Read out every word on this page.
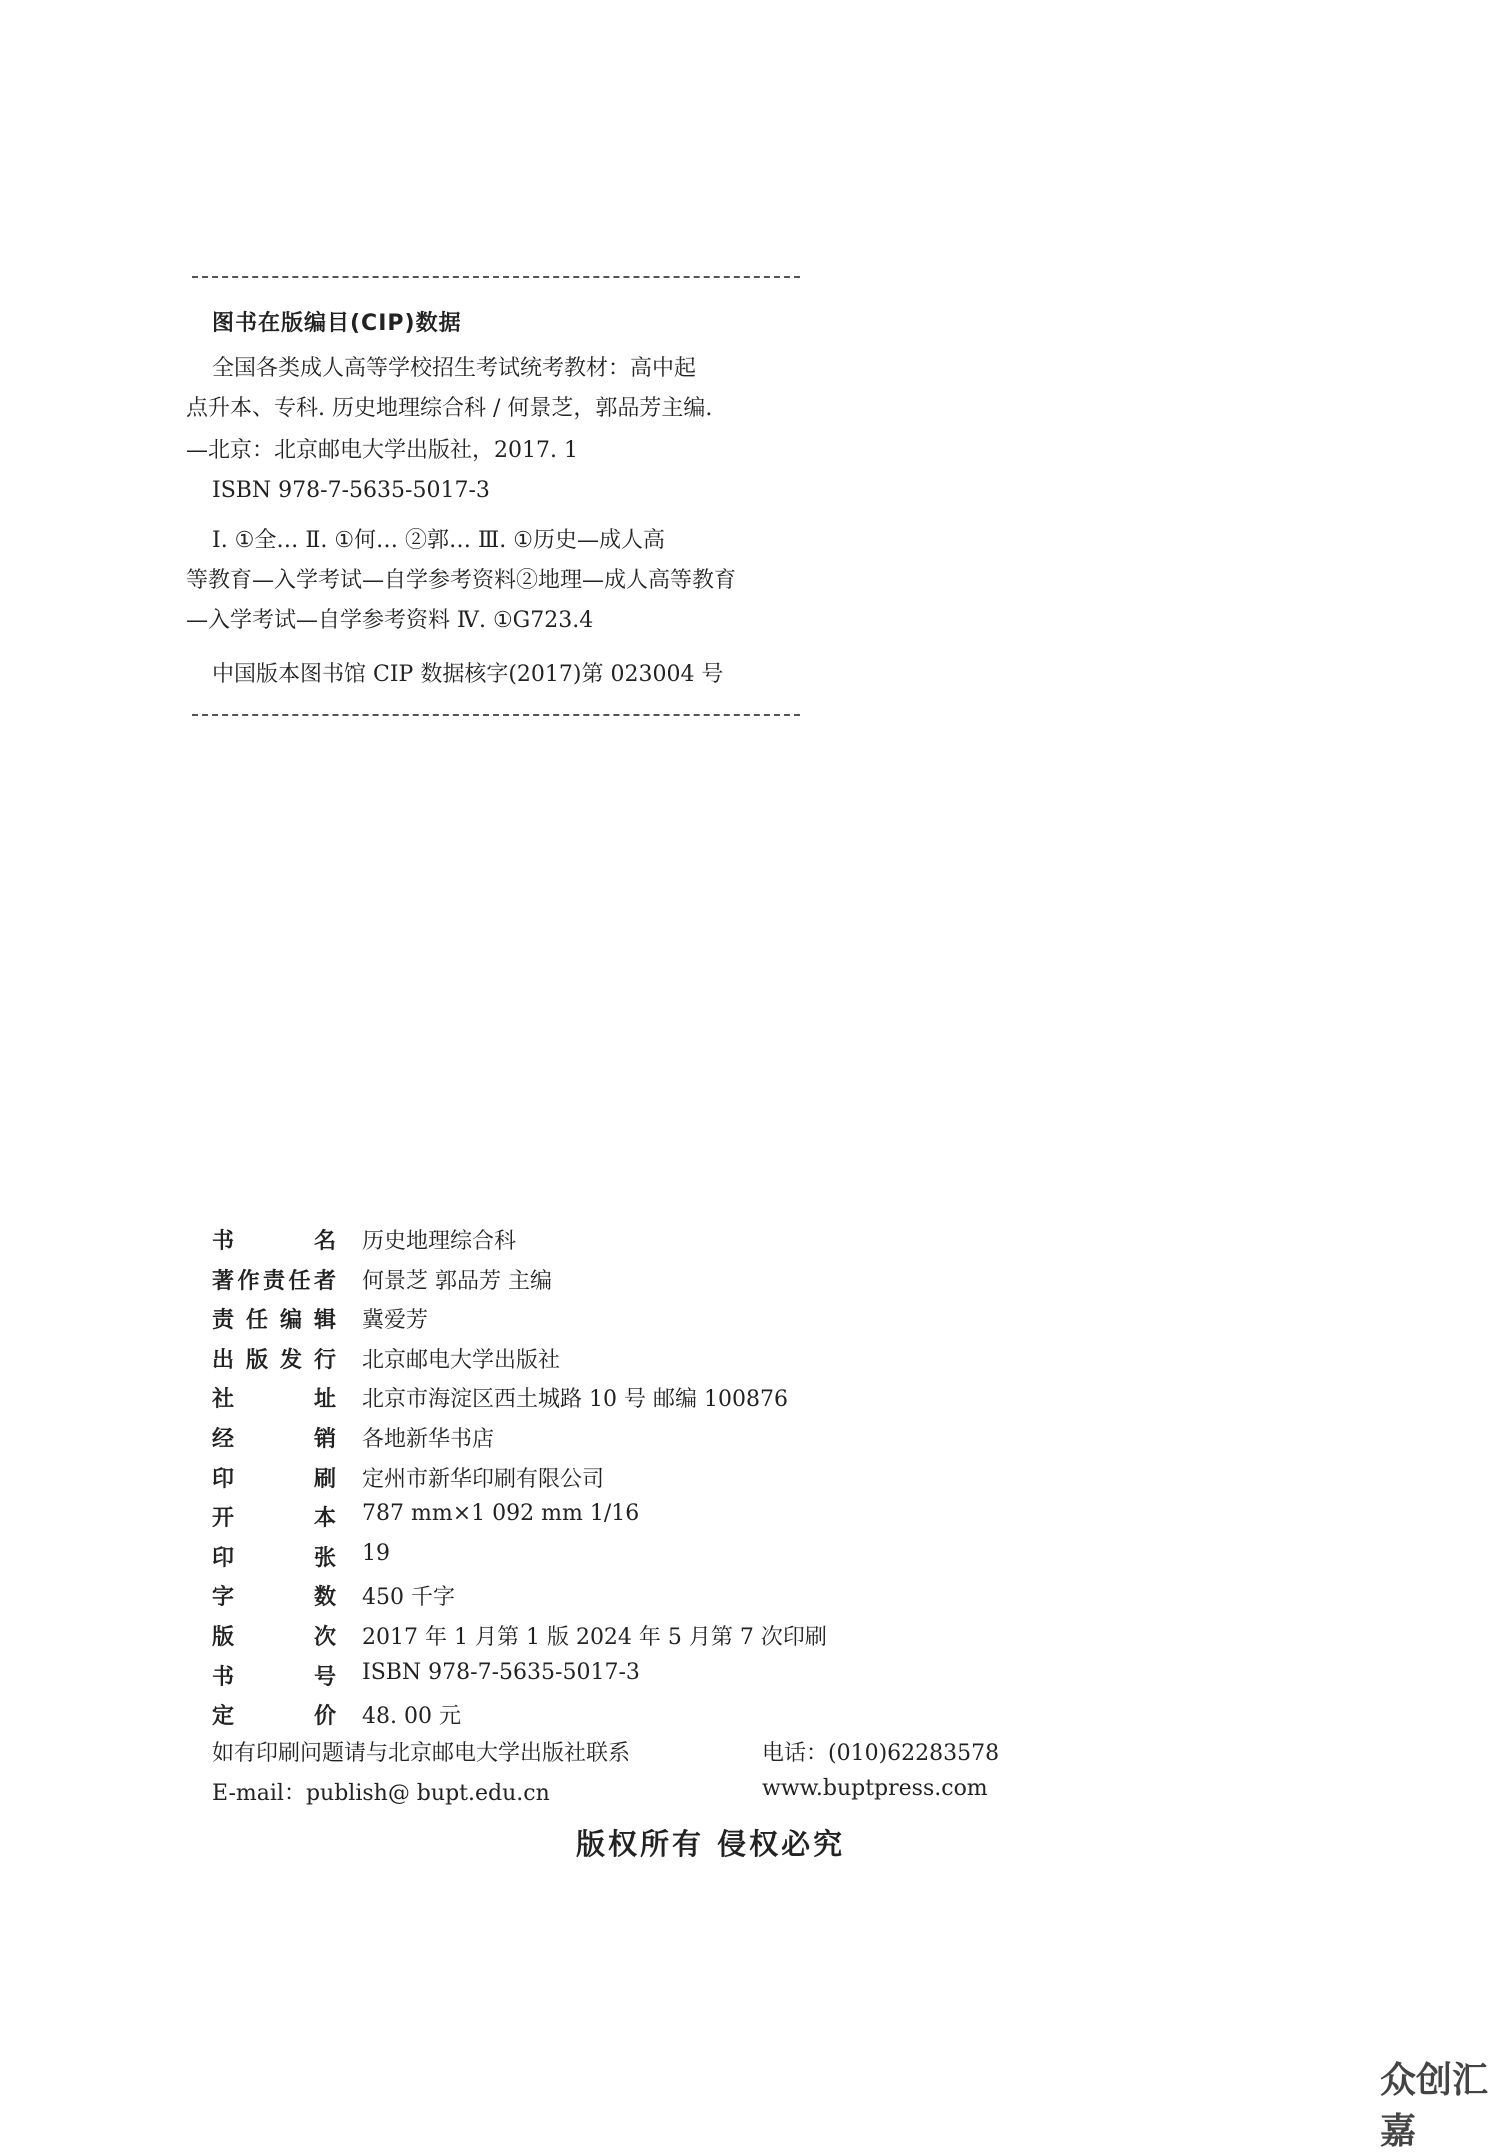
图书在版编目(CIP)数据
全国各类成人高等学校招生考试统考教材：高中起
点升本、专科. 历史地理综合科 / 何景芝，郭品芳主编.
—北京：北京邮电大学出版社，2017. 1
ISBN 978-7-5635-5017-3
Ⅰ. ①全… Ⅱ. ①何… ②郭… Ⅲ. ①历史—成人高
等教育—入学考试—自学参考资料②地理—成人高等教育
—入学考试—自学参考资料 Ⅳ. ①G723.4
中国版本图书馆 CIP 数据核字(2017)第 023004 号
书	名 历史地理综合科
著 作 责 任 者 何景芝 郭品芳 主编
责 任 编 辑 冀爱芳
出 版 发 行 北京邮电大学出版社
社	址 北京市海淀区西土城路 10 号 邮编 100876
经	销 各地新华书店
印	刷 定州市新华印刷有限公司
开	本 787 mm×1 092 mm 1/16
印	张 19
字	数 450 千字
版	次 2017 年 1 月第 1 版 2024 年 5 月第 7 次印刷
书	号 ISBN 978-7-5635-5017-3
定	价 48. 00 元
如有印刷问题请与北京邮电大学出版社联系	电话：(010)62283578
E-mail：publish@ bupt.edu.cn	www.buptpress.com
版权所有 侵权必究
众创汇嘉
